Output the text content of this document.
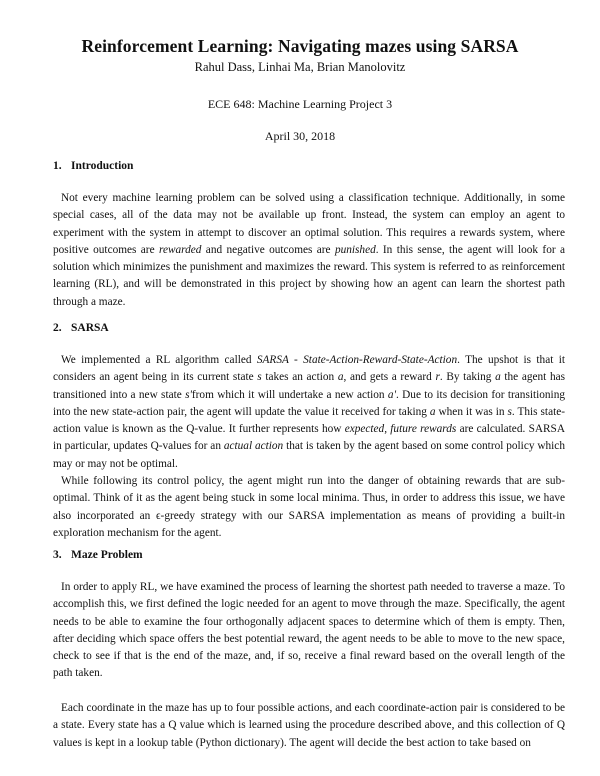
Reinforcement Learning: Navigating mazes using SARSA
Rahul Dass, Linhai Ma, Brian Manolovitz
ECE 648: Machine Learning Project 3
April 30, 2018
1. Introduction

Not every machine learning problem can be solved using a classification technique. Additionally, in some special cases, all of the data may not be available up front. Instead, the system can employ an agent to experiment with the system in attempt to discover an optimal solution. This requires a rewards system, where positive outcomes are rewarded and negative outcomes are punished. In this sense, the agent will look for a solution which minimizes the punishment and maximizes the reward. This system is referred to as reinforcement learning (RL), and will be demonstrated in this project by showing how an agent can learn the shortest path through a maze.

2. SARSA

We implemented a RL algorithm called SARSA - State-Action-Reward-State-Action. The upshot is that it considers an agent being in its current state s takes an action a, and gets a reward r. By taking a the agent has transitioned into a new state s'from which it will undertake a new action a'. Due to its decision for transitioning into the new state-action pair, the agent will update the value it received for taking a when it was in s. This state-action value is known as the Q-value. It further represents how expected, future rewards are calculated. SARSA in particular, updates Q-values for an actual action that is taken by the agent based on some control policy which may or may not be optimal.

While following its control policy, the agent might run into the danger of obtaining rewards that are sub-optimal. Think of it as the agent being stuck in some local minima. Thus, in order to address this issue, we have also incorporated an ϵ-greedy strategy with our SARSA implementation as means of providing a built-in exploration mechanism for the agent.

3. Maze Problem

In order to apply RL, we have examined the process of learning the shortest path needed to traverse a maze. To accomplish this, we first defined the logic needed for an agent to move through the maze. Specifically, the agent needs to be able to examine the four orthogonally adjacent spaces to determine which of them is empty. Then, after deciding which space offers the best potential reward, the agent needs to be able to move to the new space, check to see if that is the end of the maze, and, if so, receive a final reward based on the overall length of the path taken.

Each coordinate in the maze has up to four possible actions, and each coordinate-action pair is considered to be a state. Every state has a Q value which is learned using the procedure described above, and this collection of Q values is kept in a lookup table (Python dictionary). The agent will decide the best action to take based on
